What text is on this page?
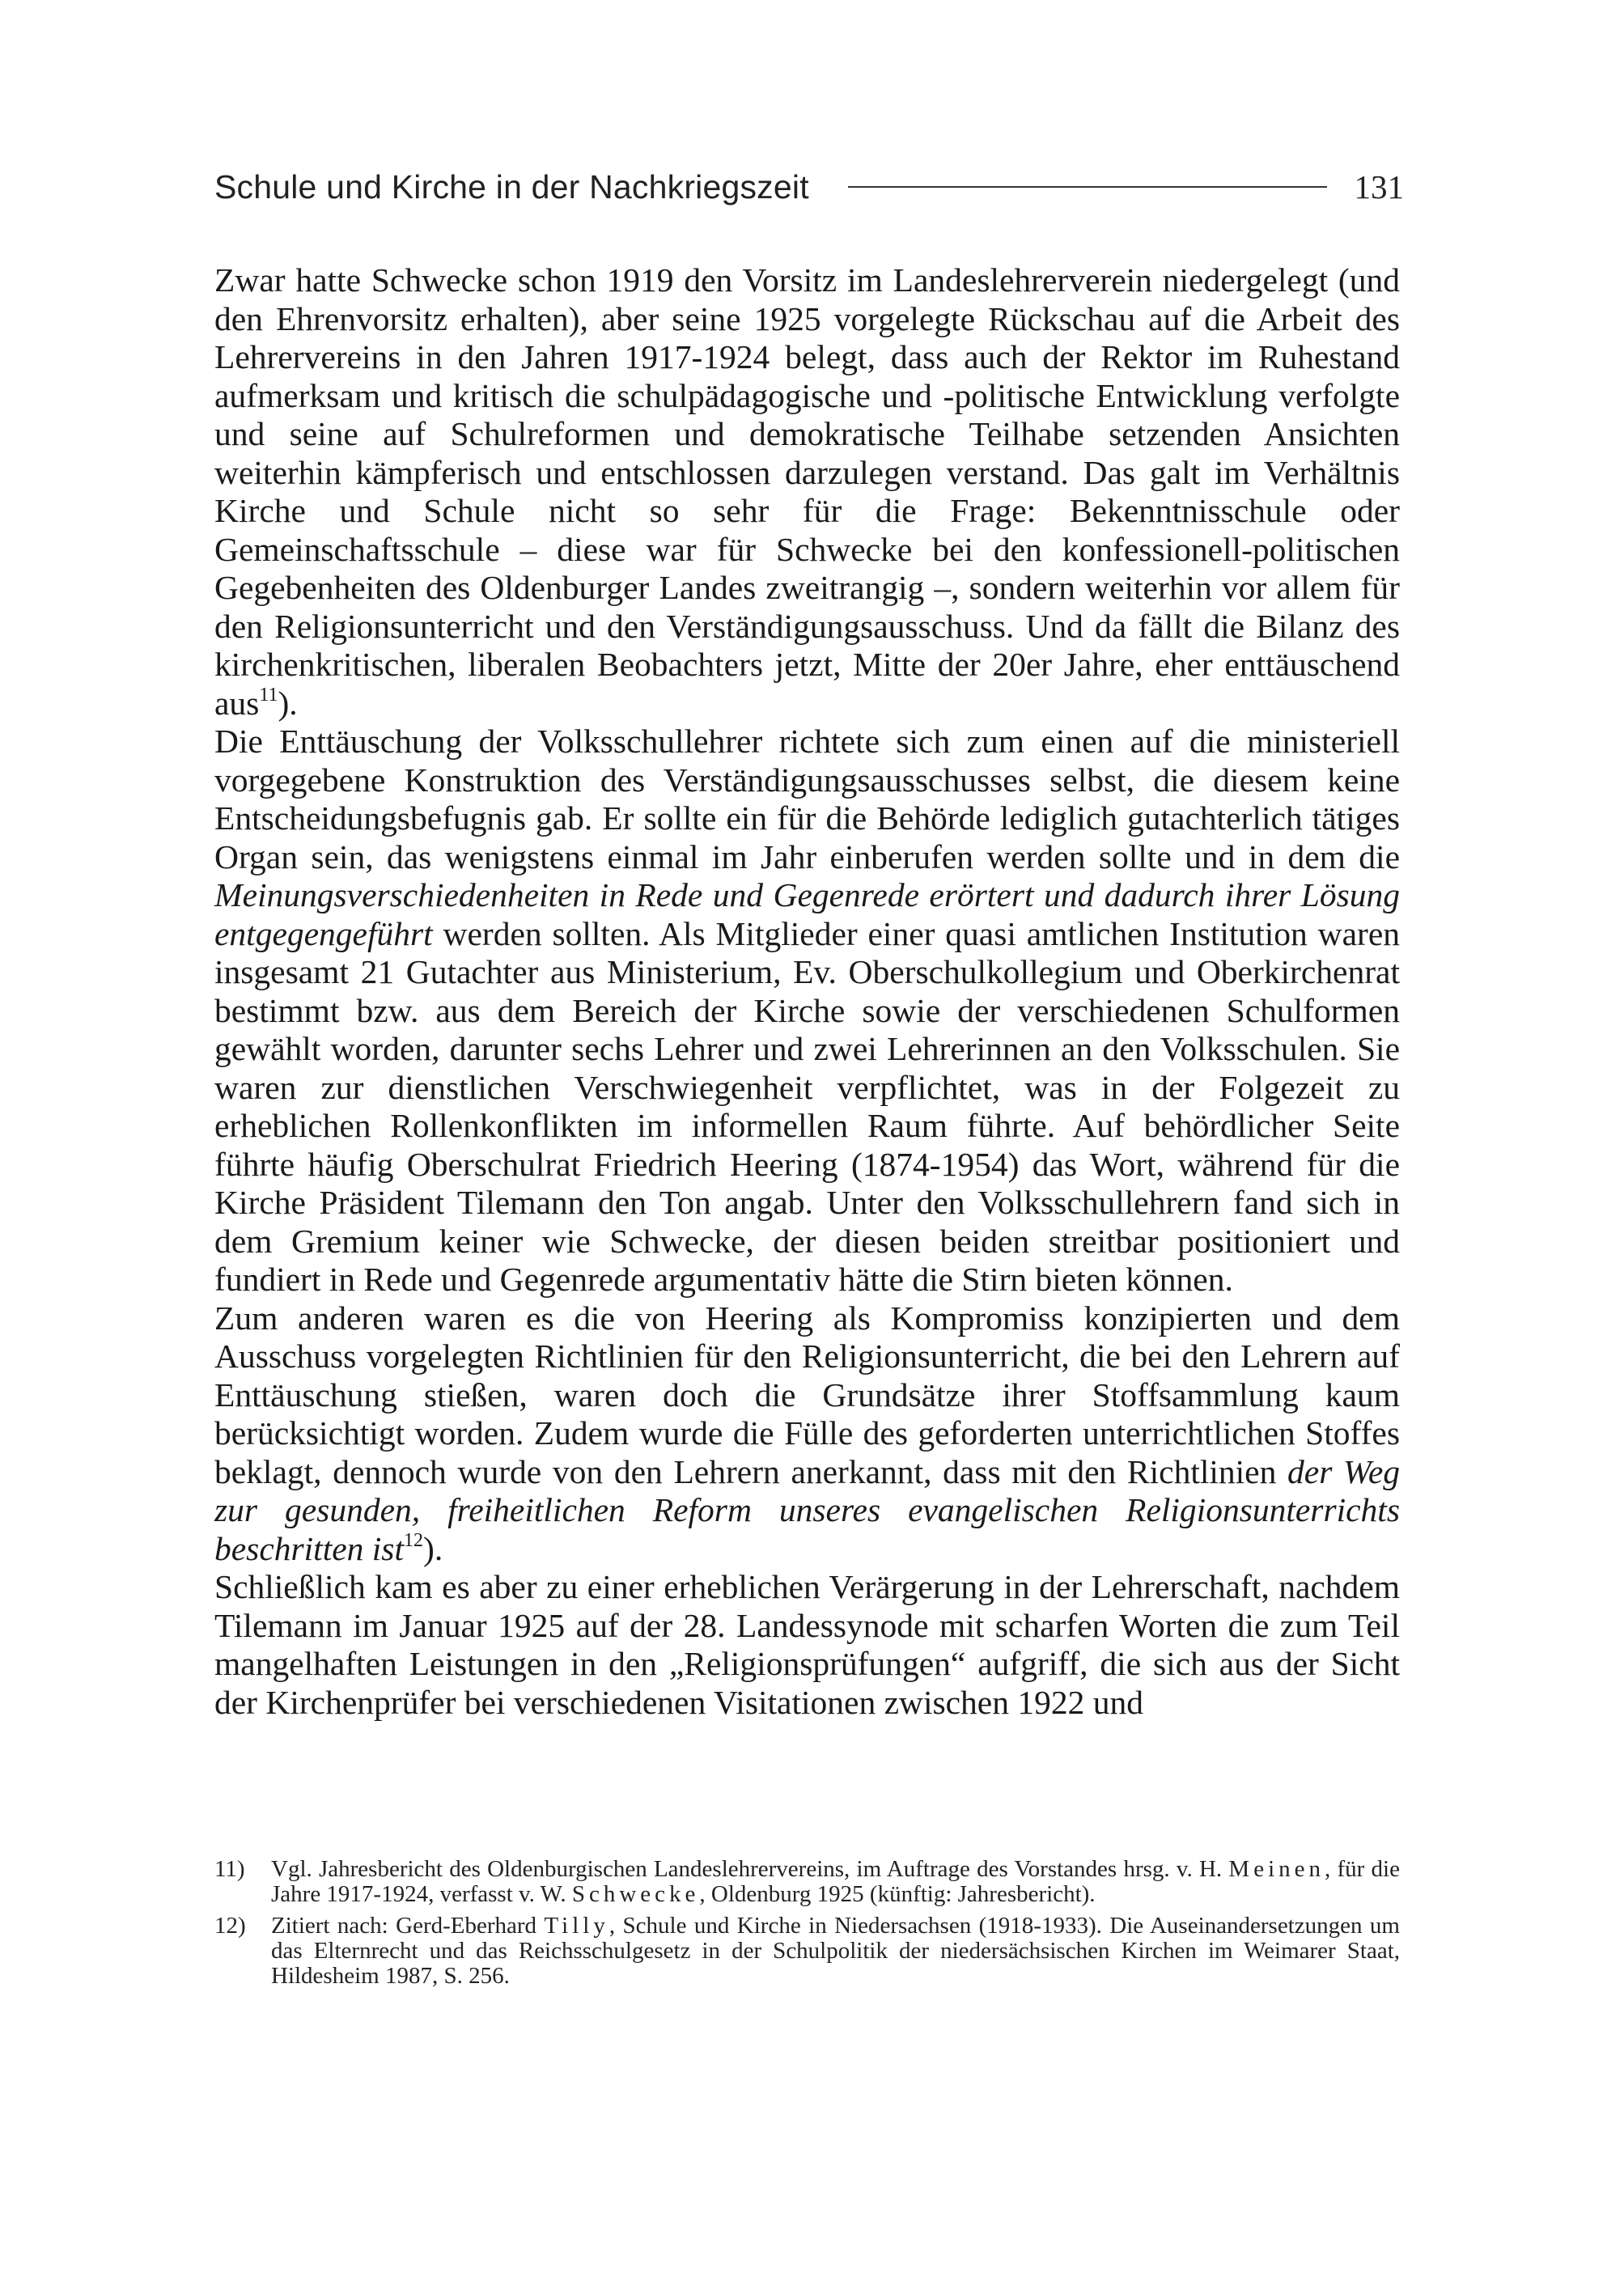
Schule und Kirche in der Nachkriegszeit	131

Zwar hatte Schwecke schon 1919 den Vorsitz im Landeslehrerverein niedergelegt (und den Ehrenvorsitz erhalten), aber seine 1925 vorgelegte Rückschau auf die Arbeit des Lehrervereins in den Jahren 1917-1924 belegt, dass auch der Rektor im Ruhestand aufmerksam und kritisch die schulpädagogische und -politische Entwicklung verfolgte und seine auf Schulreformen und demokratische Teilhabe setzenden Ansichten weiterhin kämpferisch und entschlossen darzulegen verstand. Das galt im Verhältnis Kirche und Schule nicht so sehr für die Frage: Bekenntnisschule oder Gemeinschaftsschule – diese war für Schwecke bei den konfessionell-politischen Gegebenheiten des Oldenburger Landes zweitrangig –, sondern weiterhin vor allem für den Religionsunterricht und den Verständigungsausschuss. Und da fällt die Bilanz des kirchenkritischen, liberalen Beobachters jetzt, Mitte der 20er Jahre, eher enttäuschend aus$^{11}$).

Die Enttäuschung der Volksschullehrer richtete sich zum einen auf die ministeriell vorgegebene Konstruktion des Verständigungsausschusses selbst, die diesem keine Entscheidungsbefugnis gab. Er sollte ein für die Behörde lediglich gutachterlich tätiges Organ sein, das wenigstens einmal im Jahr einberufen werden sollte und in dem die Meinungsverschiedenheiten in Rede und Gegenrede erörtert und dadurch ihrer Lösung entgegengeführt werden sollten. Als Mitglieder einer quasi amtlichen Institution waren insgesamt 21 Gutachter aus Ministerium, Ev. Oberschulkollegium und Oberkirchenrat bestimmt bzw. aus dem Bereich der Kirche sowie der verschiedenen Schulformen gewählt worden, darunter sechs Lehrer und zwei Lehrerinnen an den Volksschulen. Sie waren zur dienstlichen Verschwiegenheit verpflichtet, was in der Folgezeit zu erheblichen Rollenkonflikten im informellen Raum führte. Auf behördlicher Seite führte häufig Oberschulrat Friedrich Heering (1874-1954) das Wort, während für die Kirche Präsident Tilemann den Ton angab. Unter den Volksschullehrern fand sich in dem Gremium keiner wie Schwecke, der diesen beiden streitbar positioniert und fundiert in Rede und Gegenrede argumentativ hätte die Stirn bieten können.

Zum anderen waren es die von Heering als Kompromiss konzipierten und dem Ausschuss vorgelegten Richtlinien für den Religionsunterricht, die bei den Lehrern auf Enttäuschung stießen, waren doch die Grundsätze ihrer Stoffsammlung kaum berücksichtigt worden. Zudem wurde die Fülle des geforderten unterrichtlichen Stoffes beklagt, dennoch wurde von den Lehrern anerkannt, dass mit den Richtlinien der Weg zur gesunden, freiheitlichen Reform unseres evangelischen Religionsunterrichts beschritten ist$^{12}$).

Schließlich kam es aber zu einer erheblichen Verärgerung in der Lehrerschaft, nachdem Tilemann im Januar 1925 auf der 28. Landessynode mit scharfen Worten die zum Teil mangelhaften Leistungen in den „Religionsprüfungen“ aufgriff, die sich aus der Sicht der Kirchenprüfer bei verschiedenen Visitationen zwischen 1922 und

11)	Vgl. Jahresbericht des Oldenburgischen Landeslehrervereins, im Auftrage des Vorstandes hrsg. v. H. Meinen, für die Jahre 1917-1924, verfasst v. W. Schwecke, Oldenburg 1925 (künftig: Jahresbericht).
12)	Zitiert nach: Gerd-Eberhard Tilly, Schule und Kirche in Niedersachsen (1918-1933). Die Auseinandersetzungen um das Elternrecht und das Reichsschulgesetz in der Schulpolitik der niedersächsischen Kirchen im Weimarer Staat, Hildesheim 1987, S. 256.
